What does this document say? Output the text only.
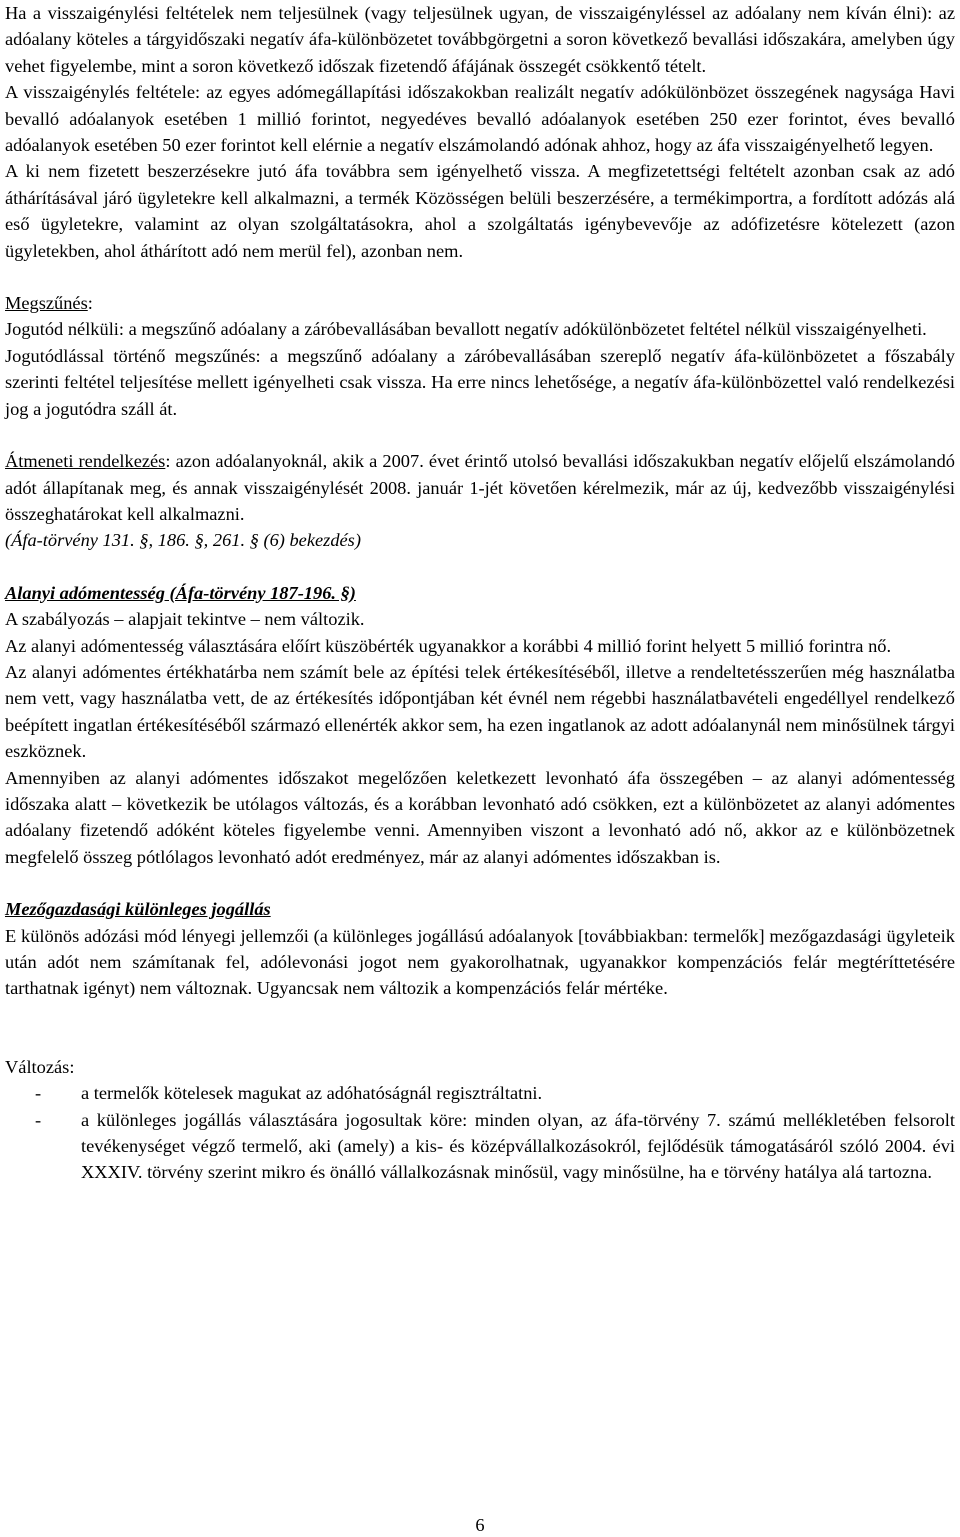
Ha a visszaigénylési feltételek nem teljesülnek (vagy teljesülnek ugyan, de visszaigényléssel az adóalany nem kíván élni): az adóalany köteles a tárgyidőszaki negatív áfa-különbözetet továbbgörgetni a soron következő bevallási időszakára, amelyben úgy vehet figyelembe, mint a soron következő időszak fizetendő áfájának összegét csökkentő tételt.

A visszaigénylés feltétele: az egyes adómegállapítási időszakokban realizált negatív adókülönbözet összegének nagysága Havi bevalló adóalanyok esetében 1 millió forintot, negyedéves bevalló adóalanyok esetében 250 ezer forintot, éves bevalló adóalanyok esetében 50 ezer forintot kell elérnie a negatív elszámolandó adónak ahhoz, hogy az áfa visszaigényelhető legyen.

A ki nem fizetett beszerzésekre jutó áfa továbbra sem igényelhető vissza. A megfizetettségi feltételt azonban csak az adó áthárításával járó ügyletekre kell alkalmazni, a termék Közösségen belüli beszerzésére, a termékimportra, a fordított adózás alá eső ügyletekre, valamint az olyan szolgáltatásokra, ahol a szolgáltatás igénybevevője az adófizetésre kötelezett (azon ügyletekben, ahol áthárított adó nem merül fel), azonban nem.

Megszűnés:

Jogutód nélküli: a megszűnő adóalany a záróbevallásában bevallott negatív adókülönbözetet feltétel nélkül visszaigényelheti.

Jogutódlással történő megszűnés: a megszűnő adóalany a záróbevallásában szereplő negatív áfa-különbözetet a főszabály szerinti feltétel teljesítése mellett igényelheti csak vissza. Ha erre nincs lehetősége, a negatív áfa-különbözettel való rendelkezési jog a jogutódra száll át.

Átmeneti rendelkezés: azon adóalanyoknál, akik a 2007. évet érintő utolsó bevallási időszakukban negatív előjelű elszámolandó adót állapítanak meg, és annak visszaigénylését 2008. január 1-jét követően kérelmezik, már az új, kedvezőbb visszaigénylési összeghatárokat kell alkalmazni.

(Áfa-törvény 131. §, 186. §, 261. § (6) bekezdés)

Alanyi adómentesség (Áfa-törvény 187-196. §)

A szabályozás – alapjait tekintve – nem változik.

Az alanyi adómentesség választására előírt küszöbérték ugyanakkor a korábbi 4 millió forint helyett 5 millió forintra nő.

Az alanyi adómentes értékhatárba nem számít bele az építési telek értékesítéséből, illetve a rendeltetésszerűen még használatba nem vett, vagy használatba vett, de az értékesítés időpontjában két évnél nem régebbi használatbavételi engedéllyel rendelkező beépített ingatlan értékesítéséből származó ellenérték akkor sem, ha ezen ingatlanok az adott adóalanynál nem minősülnek tárgyi eszköznek.

Amennyiben az alanyi adómentes időszakot megelőzően keletkezett levonható áfa összegében – az alanyi adómentesség időszaka alatt – következik be utólagos változás, és a korábban levonható adó csökken, ezt a különbözetet az alanyi adómentes adóalany fizetendő adóként köteles figyelembe venni. Amennyiben viszont a levonható adó nő, akkor az e különbözetnek megfelelő összeg pótlólagos levonható adót eredményez, már az alanyi adómentes időszakban is.

Mezőgazdasági különleges jogállás

E különös adózási mód lényegi jellemzői (a különleges jogállású adóalanyok [továbbiakban: termelők] mezőgazdasági ügyleteik után adót nem számítanak fel, adólevonási jogot nem gyakorolhatnak, ugyanakkor kompenzációs felár megtéríttetésére tarthatnak igényt) nem változnak. Ugyancsak nem változik a kompenzációs felár mértéke.

Változás:

- a termelők kötelesek magukat az adóhatóságnál regisztráltatni.
- a különleges jogállás választására jogosultak köre: minden olyan, az áfa-törvény 7. számú mellékletében felsorolt tevékenységet végző termelő, aki (amely) a kis- és középvállalkozásokról, fejlődésük támogatásáról szóló 2004. évi XXXIV. törvény szerint mikro és önálló vállalkozásnak minősül, vagy minősülne, ha e törvény hatálya alá tartozna.
6
